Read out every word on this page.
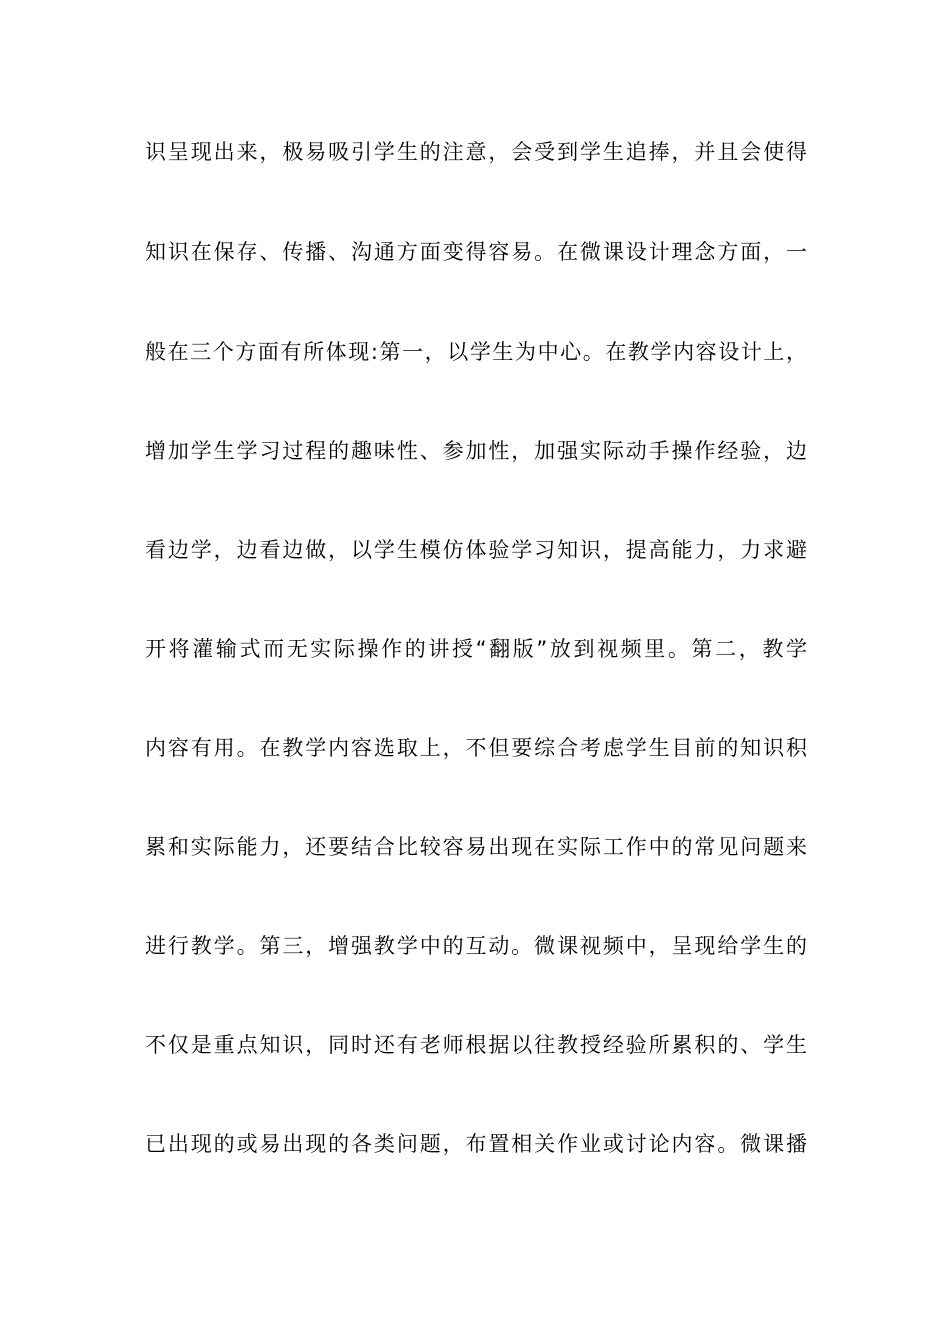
识呈现出来，极易吸引学生的注意，会受到学生追捧，并且会使得
知识在保存、传播、沟通方面变得容易。在微课设计理念方面，一
般在三个方面有所体现:第一，以学生为中心。在教学内容设计上，
增加学生学习过程的趣味性、参加性，加强实际动手操作经验，边
看边学，边看边做，以学生模仿体验学习知识，提高能力，力求避
开将灌输式而无实际操作的讲授“翻版”放到视频里。第二，教学
内容有用。在教学内容选取上，不但要综合考虑学生目前的知识积
累和实际能力，还要结合比较容易出现在实际工作中的常见问题来
进行教学。第三，增强教学中的互动。微课视频中，呈现给学生的
不仅是重点知识，同时还有老师根据以往教授经验所累积的、学生
已出现的或易出现的各类问题，布置相关作业或讨论内容。微课播
